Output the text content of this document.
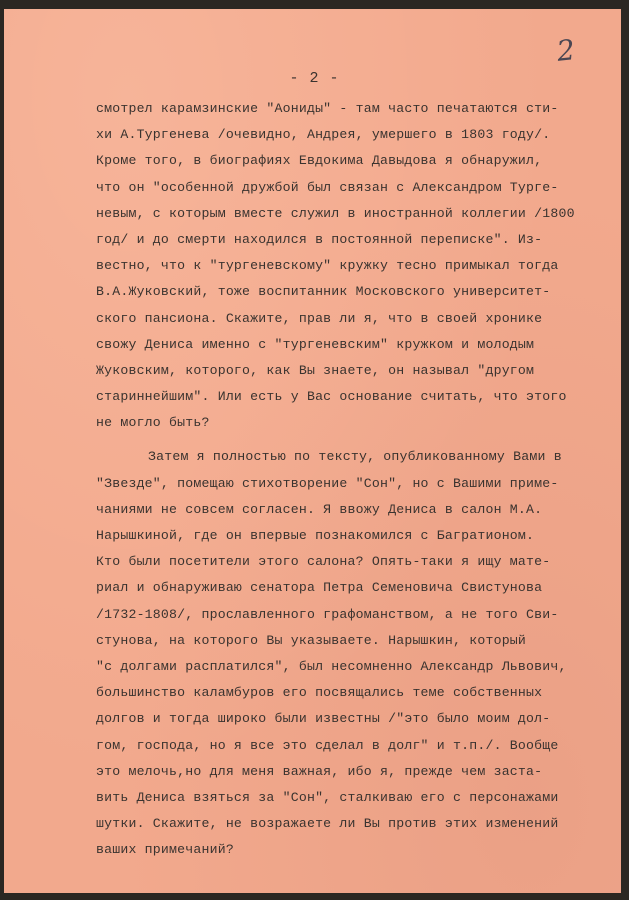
2
- 2 -
смотрел карамзинские "Аониды" - там часто печатаются сти-
хи А.Тургенева /очевидно, Андрея, умершего в 1803 году/.
Кроме того, в биографиях Евдокима Давыдова я обнаружил,
что он "особенной дружбой был связан с Александром Турге-
невым, с которым вместе служил в иностранной коллегии /1800
год/ и до смерти находился в постоянной переписке". Из-
вестно, что к "тургеневскому" кружку тесно примыкал тогда
В.А.Жуковский, тоже воспитанник Московского университет-
ского пансиона. Скажите, прав ли я, что в своей хронике
свожу Дениса именно с "тургеневским" кружком и молодым
Жуковским, которого, как Вы знаете, он называл "другом
стариннейшим". Или есть у Вас основание считать, что этого
не могло быть?
Затем я полностью по тексту, опубликованному Вами в
"Звезде", помещаю стихотворение "Сон", но с Вашими приме-
чаниями не совсем согласен. Я ввожу Дениса в салон М.А.
Нарышкиной, где он впервые познакомился с Багратионом.
Кто были посетители этого салона? Опять-таки я ищу мате-
риал и обнаруживаю сенатора Петра Семеновича Свистунова
/1732-1808/, прославленного графоманством, а не того Сви-
стунова, на которого Вы указываете. Нарышкин, который
"с долгами расплатился", был несомненно Александр Львович,
большинство каламбуров его посвящались теме собственных
долгов и тогда широко были известны /"это было моим дол-
гом, господа, но я все это сделал в долг" и т.п./. Вообще
это мелочь,но для меня важная, ибо я, прежде чем заста-
вить Дениса взяться за "Сон", сталкиваю его с персонажами
шутки. Скажите, не возражаете ли Вы против этих изменений
ваших примечаний?
